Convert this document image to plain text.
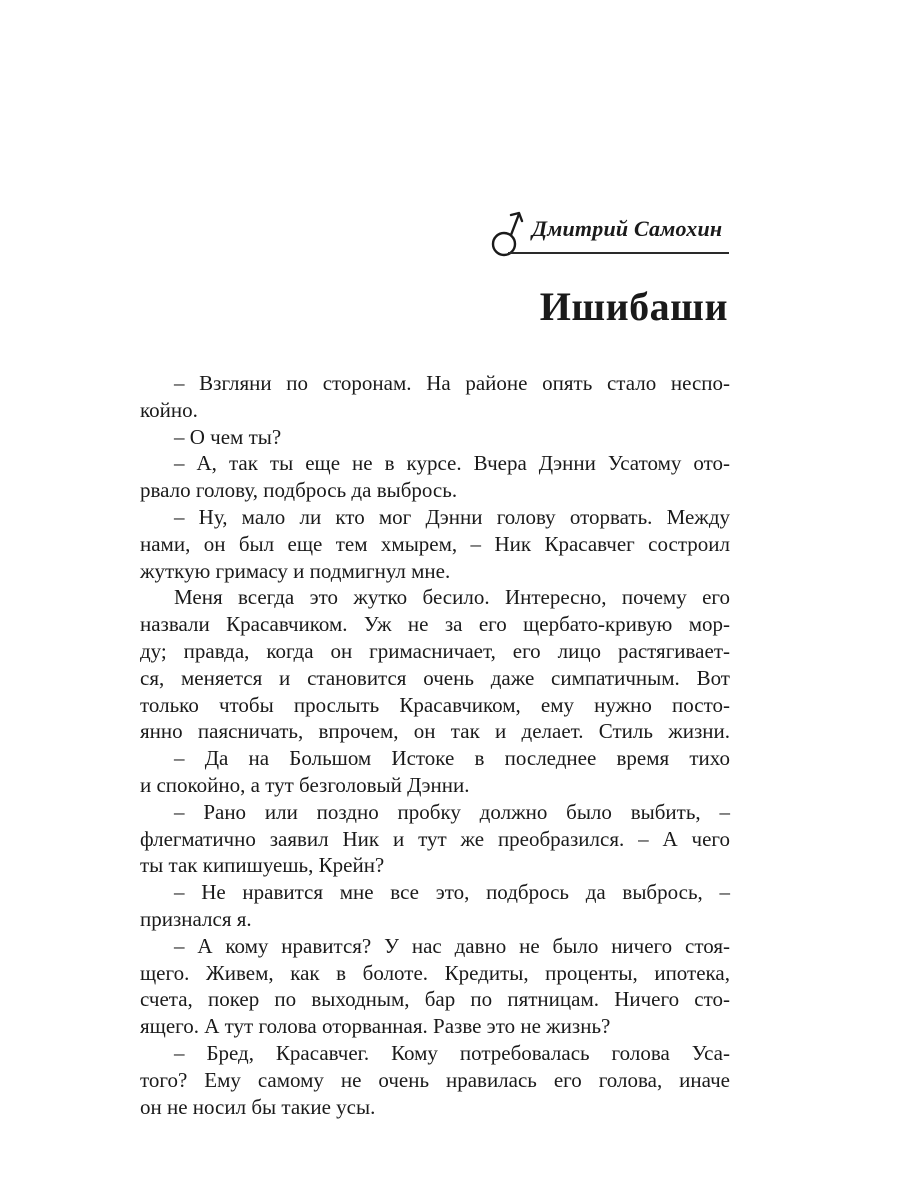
Дмитрий Самохин
Ишибаши
– Взгляни по сторонам. На районе опять стало неспо-
койно.
– О чем ты?
– А, так ты еще не в курсе. Вчера Дэнни Усатому ото-
рвало голову, подбрось да выбрось.
– Ну, мало ли кто мог Дэнни голову оторвать. Между
нами, он был еще тем хмырем, – Ник Красавчег состроил
жуткую гримасу и подмигнул мне.
Меня всегда это жутко бесило. Интересно, почему его
назвали Красавчиком. Уж не за его щербато-кривую мор-
ду; правда, когда он гримасничает, его лицо растягивает-
ся, меняется и становится очень даже симпатичным. Вот
только чтобы прослыть Красавчиком, ему нужно посто-
янно паясничать, впрочем, он так и делает. Стиль жизни.
– Да на Большом Истоке в последнее время тихо
и спокойно, а тут безголовый Дэнни.
– Рано или поздно пробку должно было выбить, –
флегматично заявил Ник и тут же преобразился. – А чего
ты так кипишуешь, Крейн?
– Не нравится мне все это, подбрось да выбрось, –
признался я.
– А кому нравится? У нас давно не было ничего стоя-
щего. Живем, как в болоте. Кредиты, проценты, ипотека,
счета, покер по выходным, бар по пятницам. Ничего сто-
ящего. А тут голова оторванная. Разве это не жизнь?
– Бред, Красавчег. Кому потребовалась голова Уса-
того? Ему самому не очень нравилась его голова, иначе
он не носил бы такие усы.
